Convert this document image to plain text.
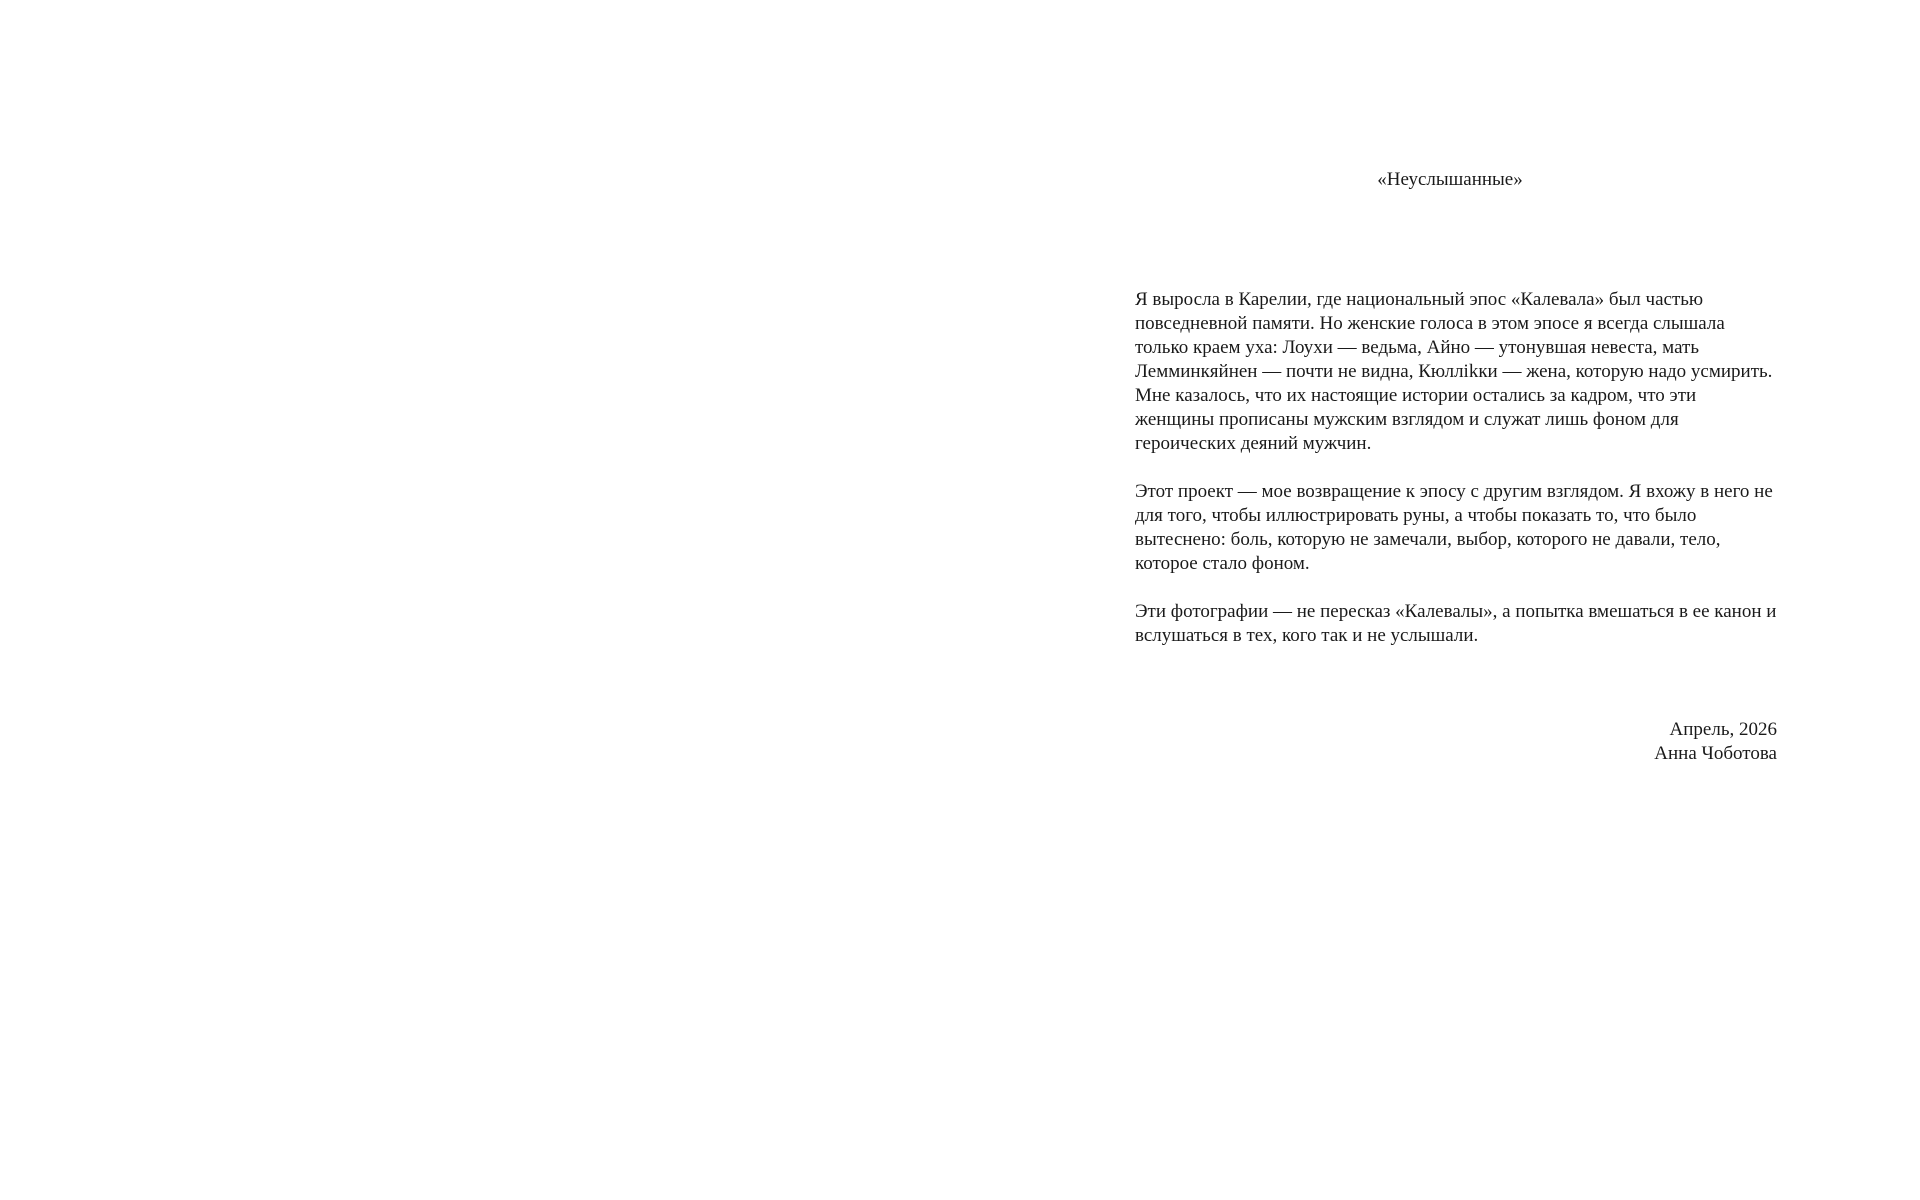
«Неуслышанные»

Я выросла в Карелии, где национальный эпос «Калевала» был частью повседневной памяти. Но женские голоса в этом эпосе я всегда слышала только краем уха: Лоухи — ведьма, Айно — утонувшая невеста, мать Лемминкяйнен — почти не видна, Кюллikки — жена, которую надо усмирить. Мне казалось, что их настоящие истории остались за кадром, что эти женщины прописаны мужским взглядом и служат лишь фоном для героических деяний мужчин.

Этот проект — мое возвращение к эпосу с другим взглядом. Я вхожу в него не для того, чтобы иллюстрировать руны, а чтобы показать то, что было вытеснено: боль, которую не замечали, выбор, которого не давали, тело, которое стало фоном.

Эти фотографии — не пересказ «Калевалы», а попытка вмешаться в ее канон и вслушаться в тех, кого так и не услышали.

Апрель, 2026
Анна Чоботова
